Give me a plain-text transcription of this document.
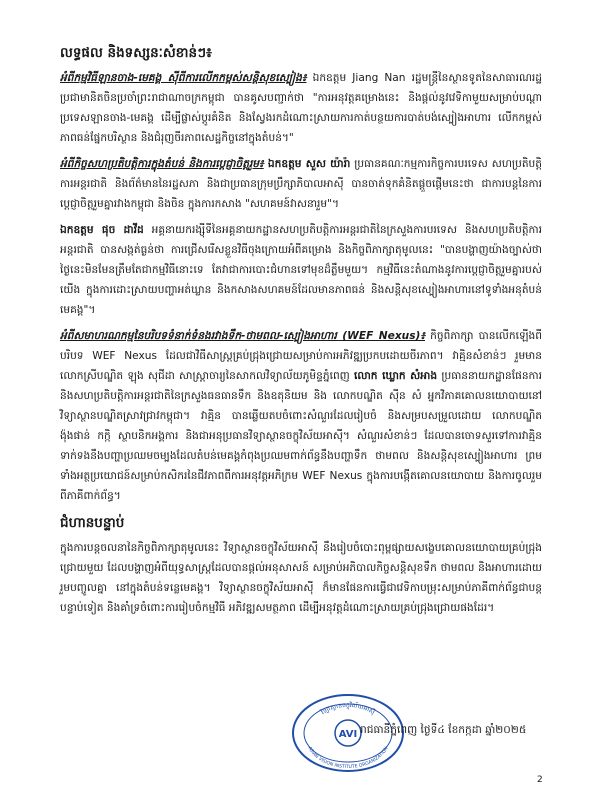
លទ្ធផល និងទស្សនៈសំខាន់ៗ៖

អំពីកម្មវិធីឡានចាង-មេគង្គ ស៊ីពីការលើកកម្ពស់សន្តិសុខស្បៀង៖ ឯកឧត្តម Jiang Nan រដ្ឋមន្ត្រីនៃស្ថានទូតនៃសាធារណរដ្ឋប្រជាមានិតចិនប្រចាំព្រះរាជាណាចក្រកម្ពុជា បានគូសបញ្ជាក់ថា "ការអនុវត្តគម្រោងនេះ និងផ្ដល់នូវវេទិកាមួយសម្រាប់បណ្ដាប្រទេសឡានចាង-មេគង្គ ដើម្បីផ្លាស់ប្ដូរគំនិត និងស្វែងរកដំណោះស្រាយការកាត់បន្ថយការបាត់បង់ស្បៀងអាហារ លើកកម្ពស់ភាពធន់ផ្នែកបរិស្ថាន និងជំរុញចីរភាពសេដ្ឋកិច្ចនៅក្នុងតំបន់។"

អំពីកិច្ចសហប្រតិបត្តិការក្នុងតំបន់ និងការប្ដេជ្ញាចិត្តរួម៖ ឯកឧត្តម សួស យ៉ារ៉ា ប្រធានគណៈកម្មការកិច្ចការបរទេស សហប្រតិបត្តិការអន្តរជាតិ និងព័ត៌មាននៃរដ្ឋសភា និងជាប្រធានក្រុមប្រឹក្សាភិបាលអាស៊ី បានចាត់ទុកគំនិតផ្ដួចផ្ដើមនេះថា ជាការបន្តនៃការប្ដេជ្ញាចិត្តរួមគ្នារវាងកម្ពុជា និងចិន ក្នុងការកសាង "សហគមន៍វាសនារួម"។

ឯកឧត្តម ផុច ដាវីដ អគ្គនាយករង្ស៊ីទីនៃអគ្គនាយកដ្ឋានសហប្រតិបត្តិការអន្តរជាតិនៃក្រសួងការបរទេស និងសហប្រតិបត្តិការអន្តរជាតិ បានសង្កត់ធ្ងន់ថា ការជ្រើសរើសខ្លួនវិធីចុងក្រោយអំពីគម្រោង និងកិច្ចពិភាក្សាតុមូលនេះ "បានបង្ហាញយ៉ាងច្បាស់ថា ថ្ងៃនេះមិនមែនត្រឹមតែជាកម្មវិធីនោះទេ តែវាជាការបោះជំហានទៅមុខដ៏ត្លឹមមួយ។ កម្មវិធីនេះតំណាងនូវការប្ដេជ្ញាចិត្តរួមគ្នារបស់យើង ក្នុងការដោះស្រាយបញ្ហាអត់ឃ្លាន និងកសាងសហគមន៍ដែលមានភាពធន់ និងសន្តិសុខស្បៀងអាហារនៅទូទាំងអនុតំបន់មេគង្គ"។

អំពីសមាហរណកម្មនៃបរិបទទំនាក់ទំនងរវាងទឹក-ថាមពល-ស្បៀងអាហារ (WEF Nexus)៖ កិច្ចពិភាក្សា បានលើកឡើងពីបរិបទ WEF Nexus ដែលជាវិធីសាស្ត្រគ្រប់ជ្រុងជ្រោយសម្រាប់ការអភិវឌ្ឍប្រកបដោយចីរភាព។ វាគ្មិនសំខាន់ៗ រួមមាន លោកស្រីបណ្ឌិត ឡុង សុជីដា សាស្ត្រាចារ្យនៃសាកលវិទ្យាល័យភូមិន្ទភ្នំពេញ លោក ឃ្លោក សំអាង ប្រធាននាយកដ្ឋានផែនការ និងសហប្រតិបត្តិការអន្តរជាតិនៃក្រសួងធនធានទឹក និងឧតុនិយម និង លោកបណ្ឌិត ស៊ីន សំ អ្នកវិភាគគោលនយោបាយនៅវិទ្យាស្ថានបណ្ឌិតស្រាវជ្រាវកម្ពុជា។ វាគ្មិន បានឆ្លើយតបចំពោះសំណួរដែលរៀបចំ និងសម្របសម្រួលដោយ លោកបណ្ឌិត ង៉ុងផាន់ កក្កិ ស្ថាបនិកអង្គការ និងជាអនុប្រធានវិទ្យាស្ថានចក្ខុវិស័យអាស៊ី។ សំណួរសំខាន់ៗ ដែលបានចោទសួរទៅការវាគ្មិន ទាក់ទងនឹងបញ្ហាប្រឈមចម្បងដែលតំបន់មេគង្គកំពុងប្រឈមពាក់ព័ន្ធនឹងបញ្ហាទឹក ថាមពល និងសន្តិសុខស្បៀងអាហារ ព្រមទាំងអត្ថប្រយោជន៍សម្រាប់កសិករនៃជីវភាពពីការអនុវត្តអភិក្រម WEF Nexus ក្នុងការបង្កើតគោលនយោបាយ និងការចូលរួមពីភាគីពាក់ព័ន្ធ។

ជំហានបន្ទាប់

ក្នុងការបន្តចលនានៃកិច្ចពិភាក្សាតុមូលនេះ វិទ្យាស្ថានចក្ខុវិស័យអាស៊ី នឹងរៀបចំបោះពុម្ពផ្សាយសង្ខេបគោលនយោបាយគ្រប់ជ្រុងជ្រោយមួយ ដែលបង្ហាញអំពីយុទ្ធសាស្ត្រដែលបានផ្ដល់អនុសាសន៍ សម្រាប់អភិបាលកិច្ចសន្តិសុខទឹក ថាមពល និងអាហារដោយរួមបញ្ចូលគ្នា នៅក្នុងតំបន់ទន្លេមេគង្គ។ វិទ្យាស្ថានចក្ខុវិស័យអាស៊ី ក៏មានផែនការធ្វើជាវេទិកាបម្រុះសម្រាប់ភាគីពាក់ព័ន្ធជាបន្តបន្ទាប់ទៀត និងគាំទ្រចំពោះការរៀបចំកម្មវិធី អភិវឌ្ឍសមត្ថភាព ដើម្បីអនុវត្តដំណោះស្រាយគ្រប់ជ្រុងជ្រោយផងដែរ។

វិទ្យាស្ថានចក្ខុវិស័យអាស៊ី
AVI
ASIAN VISION INSTITUTE ORGANIZATION
រាជធានីភ្នំពេញ ថ្ងៃទី៤ ខែកក្កដា ឆ្នាំ២០២៥
2
